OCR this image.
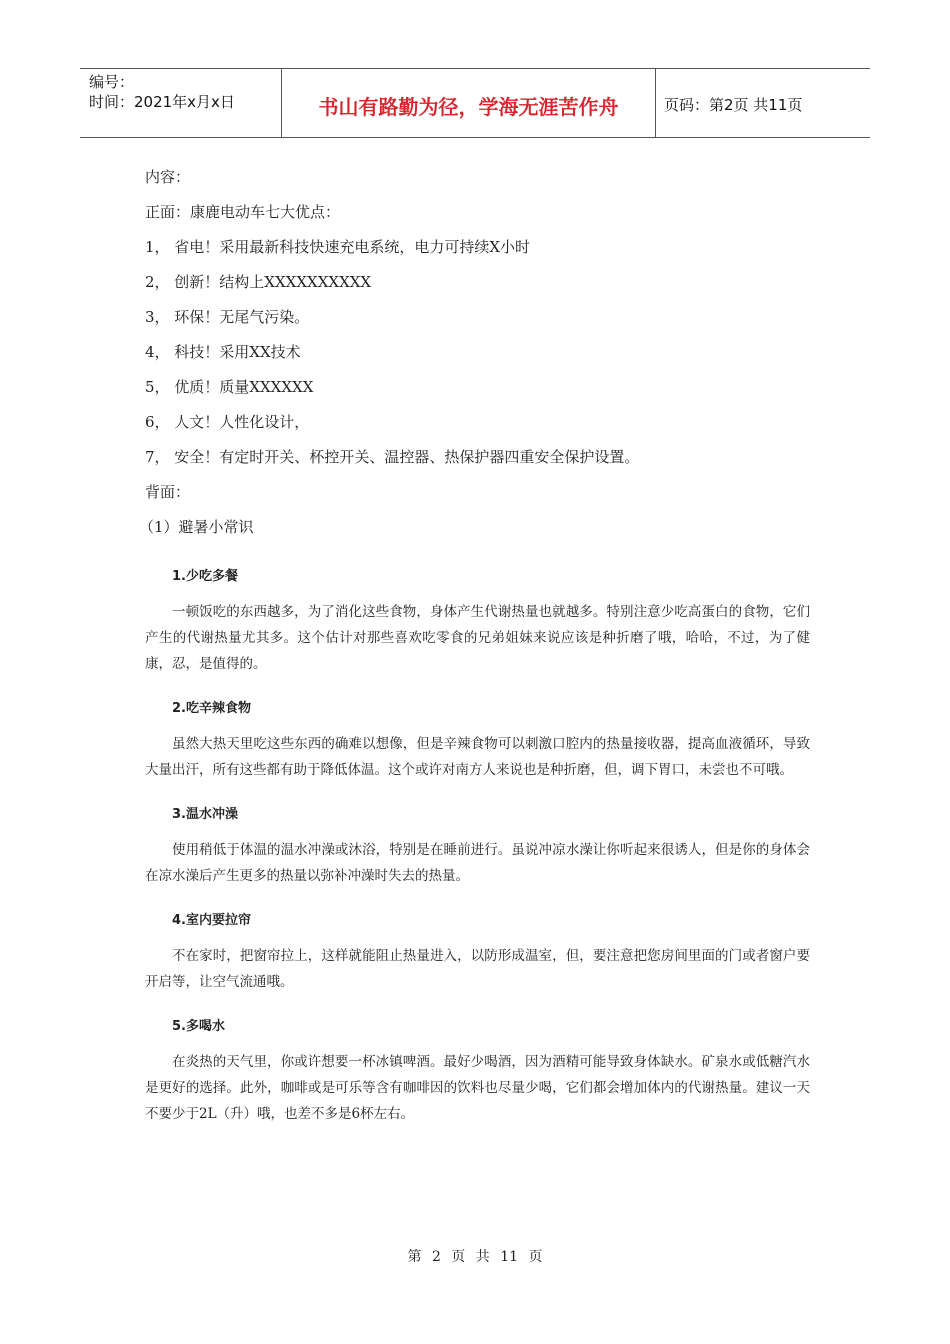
编号：
时间：2021年x月x日	书山有路勤为径，学海无涯苦作舟	页码：第2页 共11页
内容：
正面：康鹿电动车七大优点：
1， 省电！采用最新科技快速充电系统，电力可持续X小时
2， 创新！结构上XXXXXXXXXX
3， 环保！无尾气污染。
4， 科技！采用XX技术
5， 优质！质量XXXXXX
6， 人文！人性化设计，
7， 安全！有定时开关、杯控开关、温控器、热保护器四重安全保护设置。
背面：
（1）避暑小常识
1.少吃多餐
一顿饭吃的东西越多，为了消化这些食物，身体产生代谢热量也就越多。特别注意少吃高蛋白的食物，它们产生的代谢热量尤其多。这个估计对那些喜欢吃零食的兄弟姐妹来说应该是种折磨了哦，哈哈，不过，为了健康，忍，是值得的。
2.吃辛辣食物
虽然大热天里吃这些东西的确难以想像，但是辛辣食物可以刺激口腔内的热量接收器，提高血液循环，导致大量出汗，所有这些都有助于降低体温。这个或许对南方人来说也是种折磨，但，调下胃口，未尝也不可哦。
3.温水冲澡
使用稍低于体温的温水冲澡或沐浴，特别是在睡前进行。虽说冲凉水澡让你听起来很诱人，但是你的身体会在凉水澡后产生更多的热量以弥补冲澡时失去的热量。
4.室内要拉帘
不在家时，把窗帘拉上，这样就能阻止热量进入，以防形成温室，但，要注意把您房间里面的门或者窗户要开启等，让空气流通哦。
5.多喝水
在炎热的天气里，你或许想要一杯冰镇啤酒。最好少喝酒，因为酒精可能导致身体缺水。矿泉水或低糖汽水是更好的选择。此外，咖啡或是可乐等含有咖啡因的饮料也尽量少喝，它们都会增加体内的代谢热量。建议一天不要少于2L（升）哦，也差不多是6杯左右。
第 2 页 共 11 页
